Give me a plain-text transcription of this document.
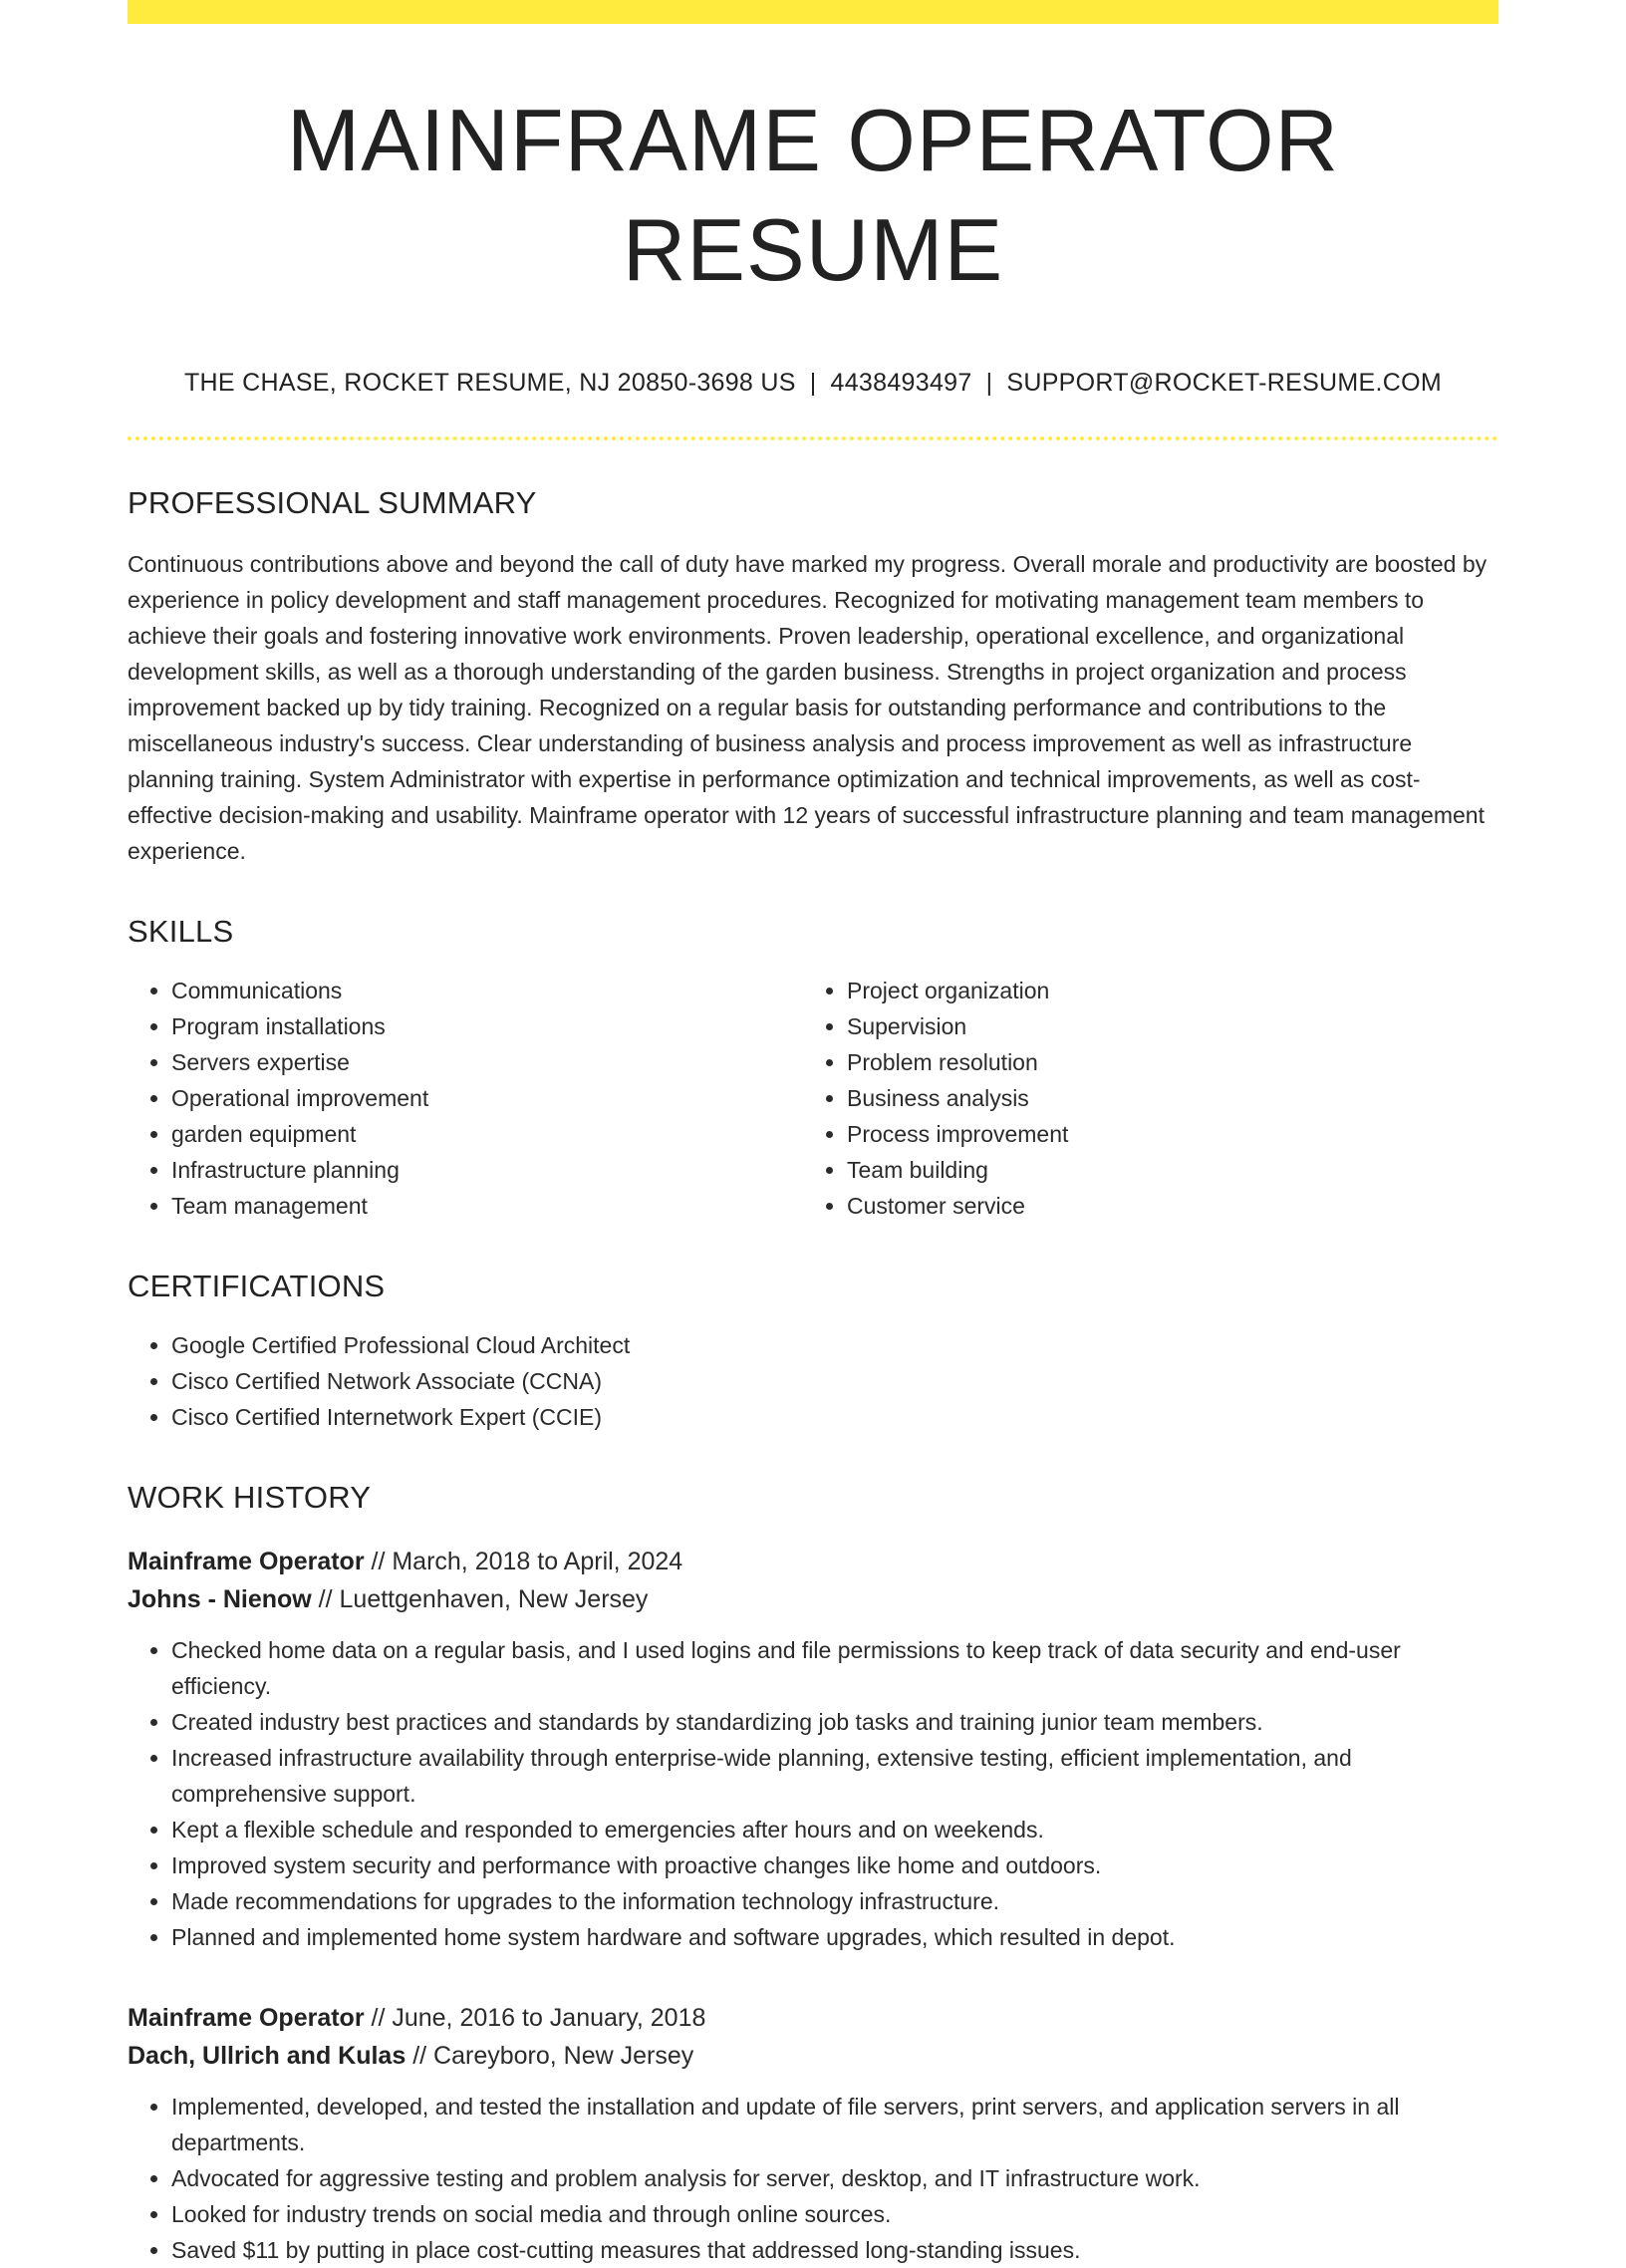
MAINFRAME OPERATOR RESUME
THE CHASE, ROCKET RESUME, NJ 20850-3698 US | 4438493497 | SUPPORT@ROCKET-RESUME.COM
PROFESSIONAL SUMMARY

Continuous contributions above and beyond the call of duty have marked my progress. Overall morale and productivity are boosted by experience in policy development and staff management procedures. Recognized for motivating management team members to achieve their goals and fostering innovative work environments. Proven leadership, operational excellence, and organizational development skills, as well as a thorough understanding of the garden business. Strengths in project organization and process improvement backed up by tidy training. Recognized on a regular basis for outstanding performance and contributions to the miscellaneous industry's success. Clear understanding of business analysis and process improvement as well as infrastructure planning training. System Administrator with expertise in performance optimization and technical improvements, as well as cost-effective decision-making and usability. Mainframe operator with 12 years of successful infrastructure planning and team management experience.

SKILLS
• Communications
• Program installations
• Servers expertise
• Operational improvement
• garden equipment
• Infrastructure planning
• Team management
• Project organization
• Supervision
• Problem resolution
• Business analysis
• Process improvement
• Team building
• Customer service
CERTIFICATIONS
• Google Certified Professional Cloud Architect
• Cisco Certified Network Associate (CCNA)
• Cisco Certified Internetwork Expert (CCIE)
WORK HISTORY
Mainframe Operator // March, 2018 to April, 2024
Johns - Nienow // Luettgenhaven, New Jersey
• Checked home data on a regular basis, and I used logins and file permissions to keep track of data security and end-user efficiency.
• Created industry best practices and standards by standardizing job tasks and training junior team members.
• Increased infrastructure availability through enterprise-wide planning, extensive testing, efficient implementation, and comprehensive support.
• Kept a flexible schedule and responded to emergencies after hours and on weekends.
• Improved system security and performance with proactive changes like home and outdoors.
• Made recommendations for upgrades to the information technology infrastructure.
• Planned and implemented home system hardware and software upgrades, which resulted in depot.
Mainframe Operator // June, 2016 to January, 2018
Dach, Ullrich and Kulas // Careyboro, New Jersey
• Implemented, developed, and tested the installation and update of file servers, print servers, and application servers in all departments.
• Advocated for aggressive testing and problem analysis for server, desktop, and IT infrastructure work.
• Looked for industry trends on social media and through online sources.
• Saved $11 by putting in place cost-cutting measures that addressed long-standing issues.
